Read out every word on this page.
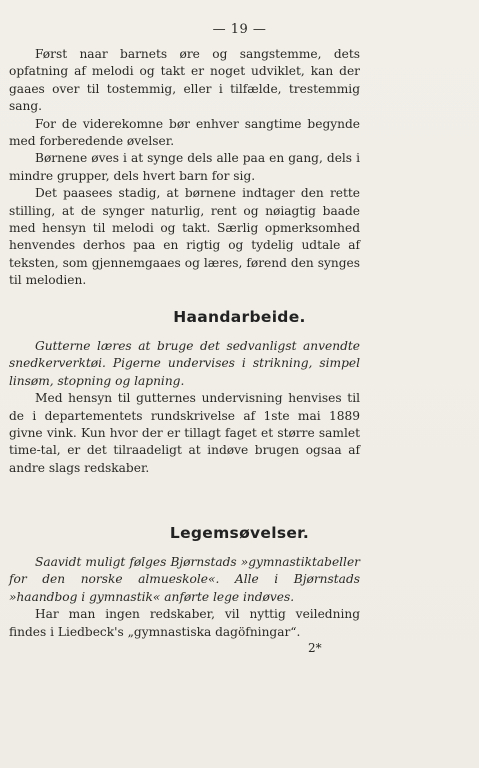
— 19 —

Først naar barnets øre og sangstemme, dets opfatning af melodi og takt er noget udviklet, kan der gaaes over til tostemmig, eller i tilfælde, trestemmig sang.

For de viderekomne bør enhver sangtime begynde med forberedende øvelser.

Børnene øves i at synge dels alle paa en gang, dels i mindre grupper, dels hvert barn for sig.

Det paasees stadig, at børnene indtager den rette stilling, at de synger naturlig, rent og nøiagtig baade med hensyn til melodi og takt. Særlig opmerksomhed henvendes derhos paa en rigtig og tydelig udtale af teksten, som gjennemgaaes og læres, førend den synges til melodien.

Haandarbeide.

Gutterne læres at bruge det sedvanligst anvendte snedkerverktøi. Pigerne undervises i strikning, simpel linsøm, stopning og lapning.

Med hensyn til gutternes undervisning henvises til de i departementets rundskrivelse af 1ste mai 1889 givne vink. Kun hvor der er tillagt faget et større samlet time-tal, er det tilraadeligt at indøve brugen ogsaa af andre slags redskaber.

Legemsøvelser.

Saavidt muligt følges Bjørnstads »gymnastiktabeller for den norske almueskole«. Alle i Bjørnstads »haandbog i gymnastik« anførte lege indøves.

Har man ingen redskaber, vil nyttig veiledning findes i Liedbeck's „gymnastiska dagöfningar“.

2*
